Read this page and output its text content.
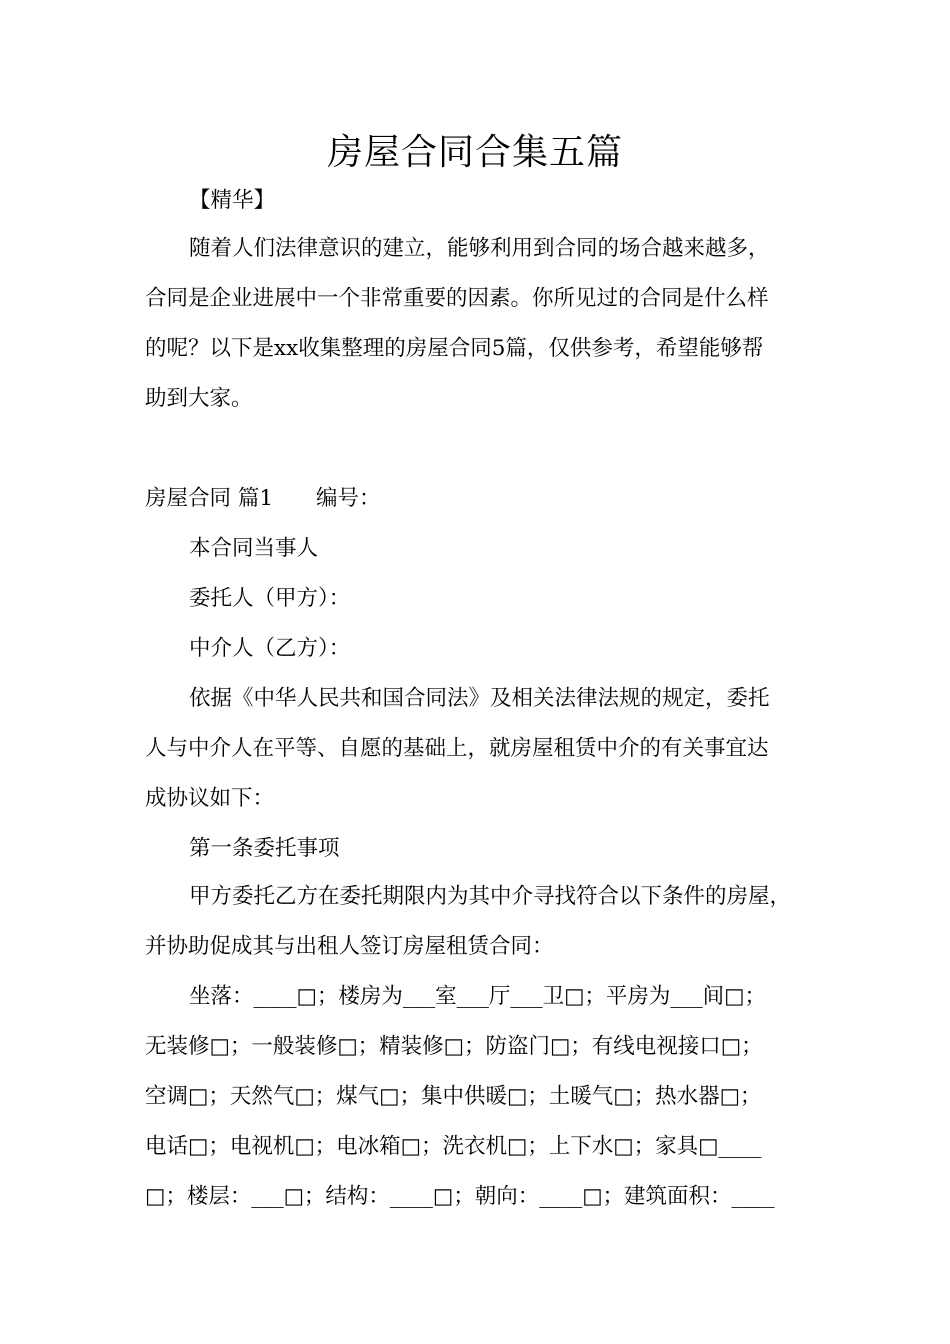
房屋合同合集五篇
【精华】
随着人们法律意识的建立，能够利用到合同的场合越来越多，
合同是企业进展中一个非常重要的因素。你所见过的合同是什么样
的呢？以下是xx收集整理的房屋合同5篇，仅供参考，希望能够帮
助到大家。
房屋合同 篇1　　编号：
本合同当事人
委托人（甲方）：
中介人（乙方）：
依据《中华人民共和国合同法》及相关法律法规的规定，委托
人与中介人在平等、自愿的基础上，就房屋租赁中介的有关事宜达
成协议如下：
第一条委托事项
甲方委托乙方在委托期限内为其中介寻找符合以下条件的房屋，
并协助促成其与出租人签订房屋租赁合同：
坐落：____□；楼房为___室___厅___卫□；平房为___间□；
无装修□；一般装修□；精装修□；防盗门□；有线电视接口□；
空调□；天然气□；煤气□；集中供暖□；土暖气□；热水器□；
电话□；电视机□；电冰箱□；洗衣机□；上下水□；家具□____
□；楼层：___□；结构：____□；朝向：____□；建筑面积：____
